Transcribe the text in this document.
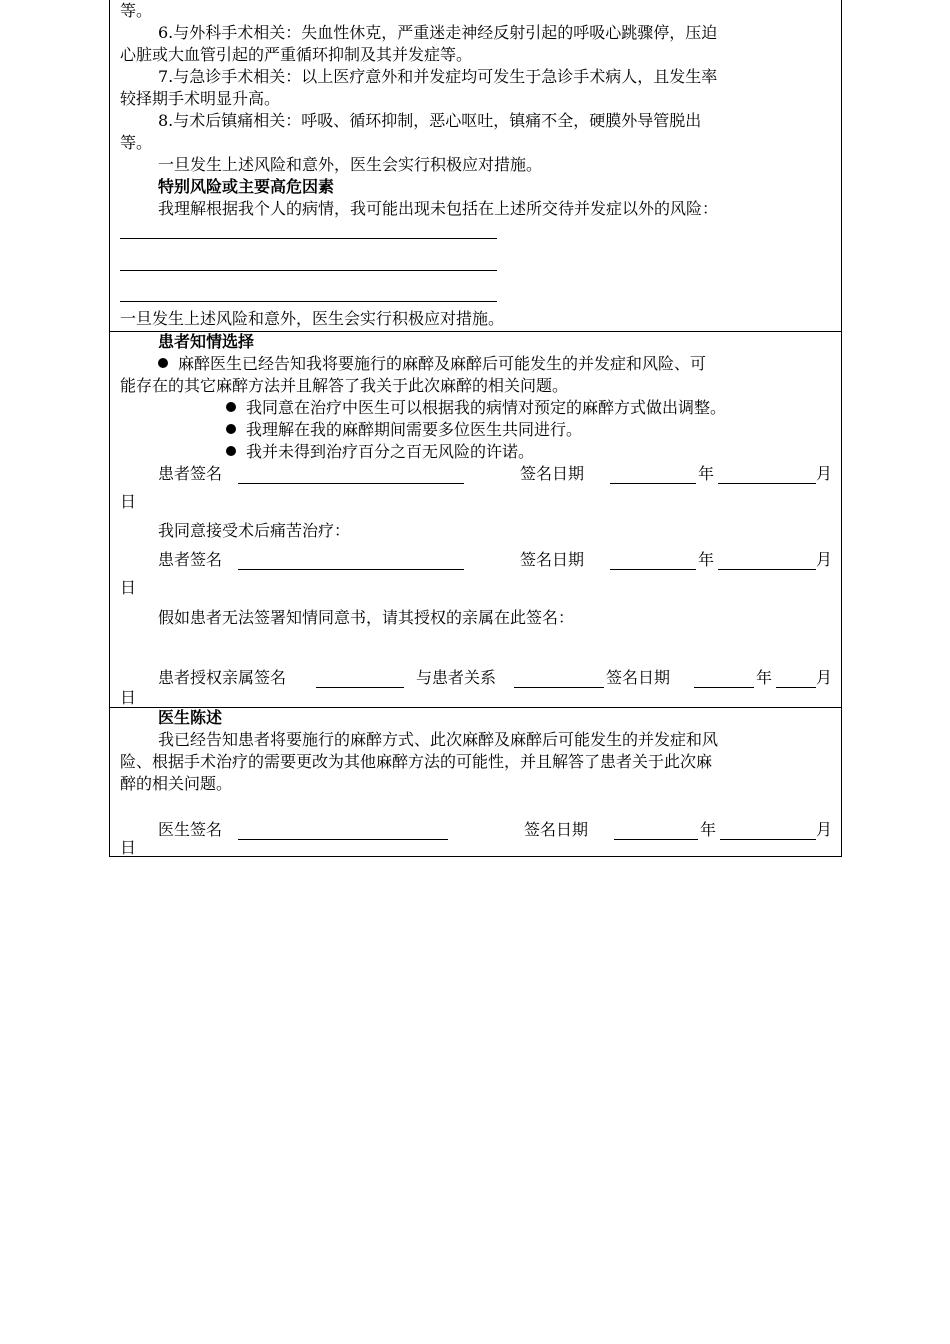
等。
6.与外科手术相关：失血性休克，严重迷走神经反射引起的呼吸心跳骤停，压迫
心脏或大血管引起的严重循环抑制及其并发症等。
7.与急诊手术相关：以上医疗意外和并发症均可发生于急诊手术病人，且发生率
较择期手术明显升高。
8.与术后镇痛相关：呼吸、循环抑制，恶心呕吐，镇痛不全，硬膜外导管脱出
等。
一旦发生上述风险和意外，医生会实行积极应对措施。
特别风险或主要高危因素
我理解根据我个人的病情，我可能出现未包括在上述所交待并发症以外的风险：
一旦发生上述风险和意外，医生会实行积极应对措施。
患者知情选择
麻醉医生已经告知我将要施行的麻醉及麻醉后可能发生的并发症和风险、可
能存在的其它麻醉方法并且解答了我关于此次麻醉的相关问题。
我同意在治疗中医生可以根据我的病情对预定的麻醉方式做出调整。
我理解在我的麻醉期间需要多位医生共同进行。
我并未得到治疗百分之百无风险的许诺。
患者签名	签名日期	年	月
日
我同意接受术后痛苦治疗：
患者签名	签名日期	年	月
日
假如患者无法签署知情同意书，请其授权的亲属在此签名：
患者授权亲属签名	与患者关系	签名日期	年	月
日
医生陈述
我已经告知患者将要施行的麻醉方式、此次麻醉及麻醉后可能发生的并发症和风
险、根据手术治疗的需要更改为其他麻醉方法的可能性，并且解答了患者关于此次麻
醉的相关问题。
医生签名	签名日期	年	月
日
